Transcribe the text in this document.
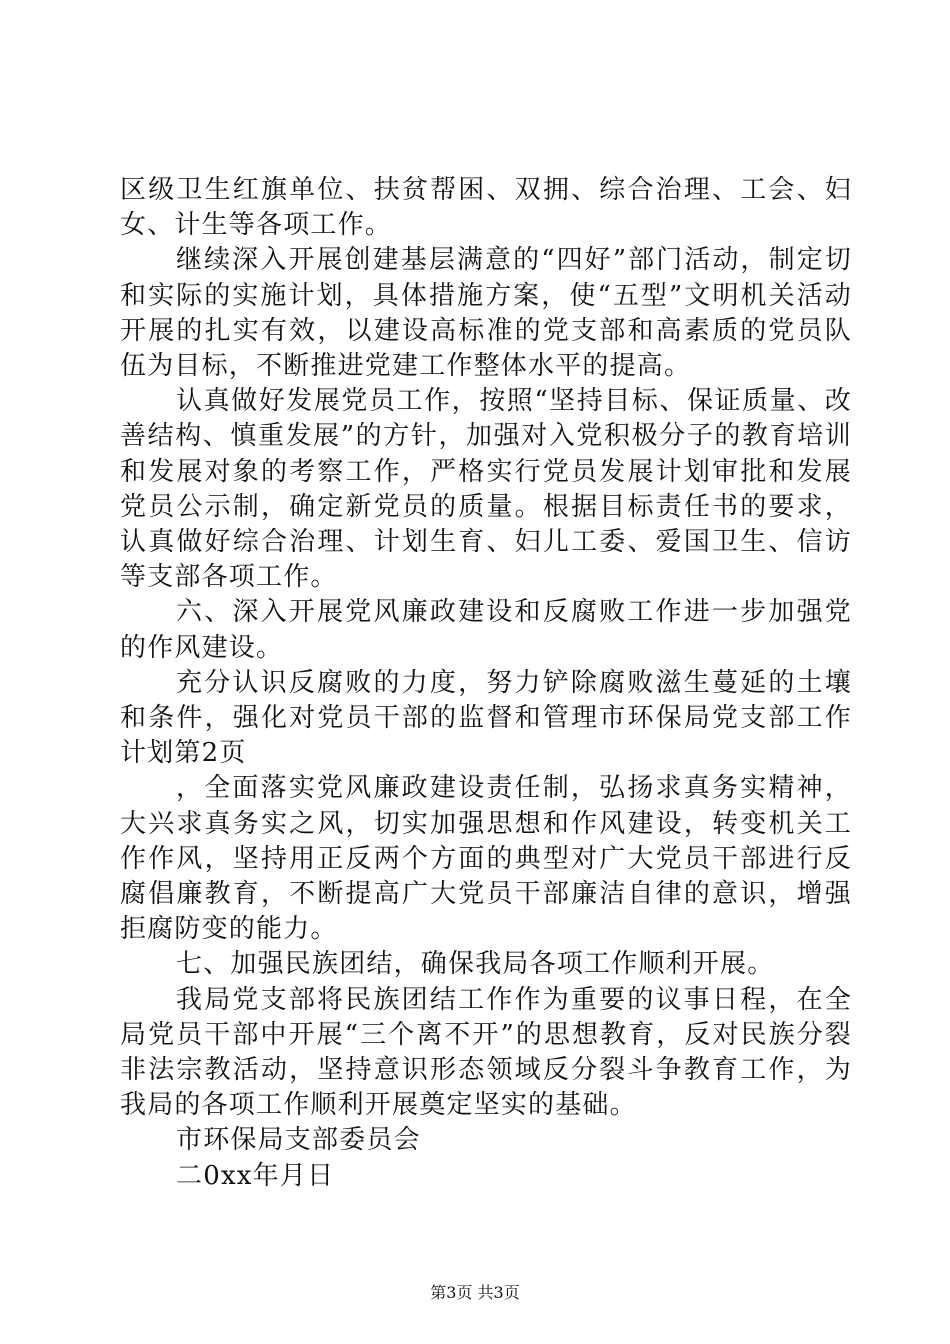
区级卫生红旗单位、扶贫帮困、双拥、综合治理、工会、妇女、计生等各项工作。

继续深入开展创建基层满意的“四好”部门活动，制定切和实际的实施计划，具体措施方案，使“五型”文明机关活动开展的扎实有效，以建设高标准的党支部和高素质的党员队伍为目标，不断推进党建工作整体水平的提高。

认真做好发展党员工作，按照“坚持目标、保证质量、改善结构、慎重发展”的方针，加强对入党积极分子的教育培训和发展对象的考察工作，严格实行党员发展计划审批和发展党员公示制，确定新党员的质量。根据目标责任书的要求，认真做好综合治理、计划生育、妇儿工委、爱国卫生、信访等支部各项工作。

六、深入开展党风廉政建设和反腐败工作进一步加强党的作风建设。

充分认识反腐败的力度，努力铲除腐败滋生蔓延的土壤和条件，强化对党员干部的监督和管理市环保局党支部工作计划第2页

，全面落实党风廉政建设责任制，弘扬求真务实精神，大兴求真务实之风，切实加强思想和作风建设，转变机关工作作风，坚持用正反两个方面的典型对广大党员干部进行反腐倡廉教育，不断提高广大党员干部廉洁自律的意识，增强拒腐防变的能力。

七、加强民族团结，确保我局各项工作顺利开展。

我局党支部将民族团结工作作为重要的议事日程，在全局党员干部中开展“三个离不开”的思想教育，反对民族分裂非法宗教活动，坚持意识形态领域反分裂斗争教育工作，为我局的各项工作顺利开展奠定坚实的基础。

市环保局支部委员会

二0xx年月日

第3页 共3页
